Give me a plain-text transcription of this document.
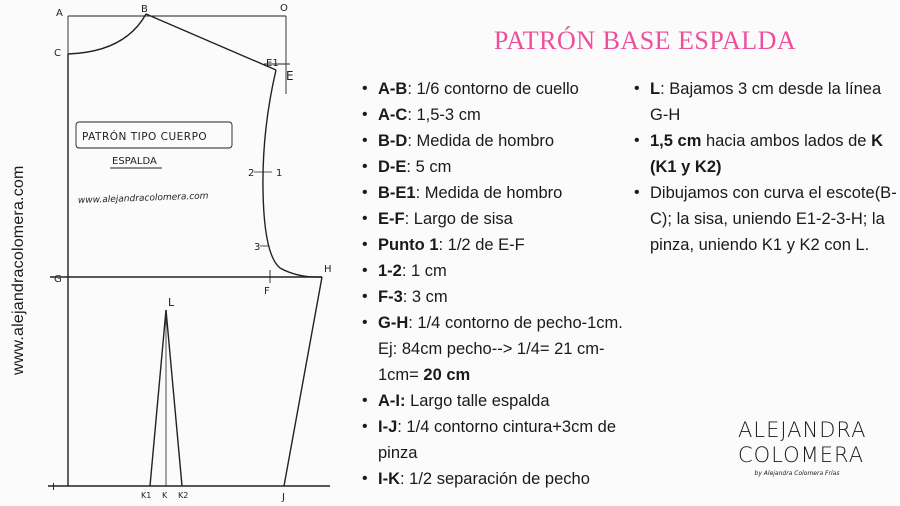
www.alejandracolomera.com
A	B	O
C
E1
E
2 1
3
G
H
F
L
I
K1 K K2	J
PATRÓN TIPO CUERPO
ESPALDA
www.alejandracolomera.com
PATRÓN BASE ESPALDA
• A-B: 1/6 contorno de cuello
• A-C: 1,5-3 cm
• B-D: Medida de hombro
• D-E: 5 cm
• B-E1: Medida de hombro
• E-F: Largo de sisa
• Punto 1: 1/2 de E-F
• 1-2: 1 cm
• F-3: 3 cm
• G-H: 1/4 contorno de pecho-1cm. Ej: 84cm pecho--> 1/4= 21 cm-1cm= 20 cm
• A-I: Largo talle espalda
• I-J: 1/4 contorno cintura+3cm de pinza
• I-K: 1/2 separación de pecho
• L: Bajamos 3 cm desde la línea G-H
• 1,5 cm hacia ambos lados de K (K1 y K2)
• Dibujamos con curva el escote(B-C); la sisa, uniendo E1-2-3-H; la pinza, uniendo K1 y K2 con L.
ALEJANDRA
COLOMERA
by Alejandra Colomera Frías
